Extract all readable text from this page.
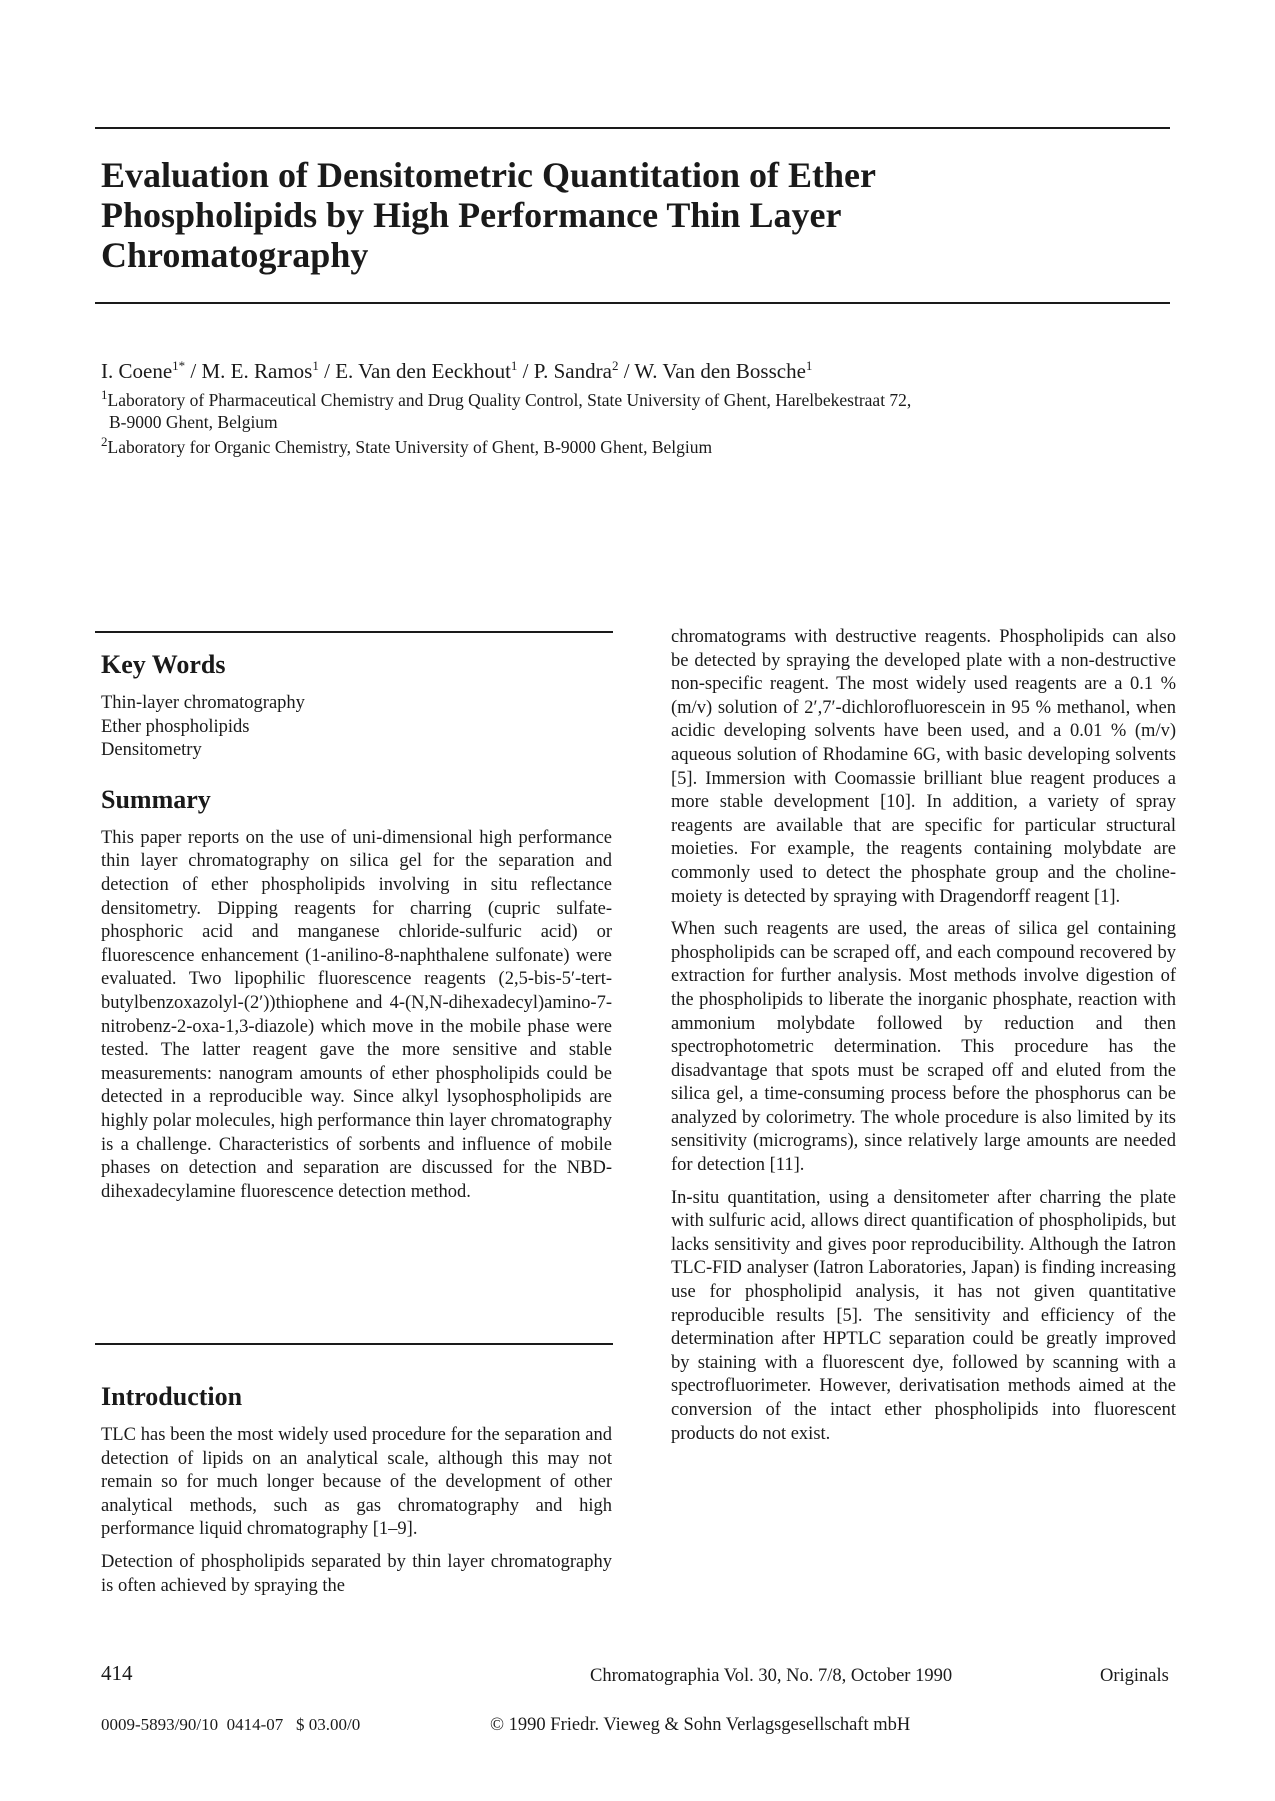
Evaluation of Densitometric Quantitation of Ether
Phospholipids by High Performance Thin Layer
Chromatography
I. Coene$^{1*}$ / M. E. Ramos$^1$ / E. Van den Eeckhout$^1$ / P. Sandra$^2$ / W. Van den Bossche$^1$
$^1$Laboratory of Pharmaceutical Chemistry and Drug Quality Control, State University of Ghent, Harelbekestraat 72,
B-9000 Ghent, Belgium
$^2$Laboratory for Organic Chemistry, State University of Ghent, B-9000 Ghent, Belgium
Key Words
Thin-layer chromatography
Ether phospholipids
Densitometry
Summary

This paper reports on the use of uni-dimensional high performance thin layer chromatography on silica gel for the separation and detection of ether phospholipids involving in situ reflectance densitometry. Dipping reagents for charring (cupric sulfate-phosphoric acid and manganese chloride-sulfuric acid) or fluorescence enhancement (1-anilino-8-naphthalene sulfonate) were evaluated. Two lipophilic fluorescence reagents (2,5-bis-5′-tert-butylbenzoxazolyl-(2′))thiophene and 4-(N,N-dihexadecyl)amino-7-nitrobenz-2-oxa-1,3-diazole) which move in the mobile phase were tested. The latter reagent gave the more sensitive and stable measurements: nanogram amounts of ether phospholipids could be detected in a reproducible way. Since alkyl lysophospholipids are highly polar molecules, high performance thin layer chromatography is a challenge. Characteristics of sorbents and influence of mobile phases on detection and separation are discussed for the NBD-dihexadecylamine fluorescence detection method.

Introduction

TLC has been the most widely used procedure for the separation and detection of lipids on an analytical scale, although this may not remain so for much longer because of the development of other analytical methods, such as gas chromatography and high performance liquid chromatography [1–9].

Detection of phospholipids separated by thin layer chromatography is often achieved by spraying the

chromatograms with destructive reagents. Phospholipids can also be detected by spraying the developed plate with a non-destructive non-specific reagent. The most widely used reagents are a 0.1 % (m/v) solution of 2′,7′-dichlorofluorescein in 95 % methanol, when acidic developing solvents have been used, and a 0.01 % (m/v) aqueous solution of Rhodamine 6G, with basic developing solvents [5]. Immersion with Coomassie brilliant blue reagent produces a more stable development [10]. In addition, a variety of spray reagents are available that are specific for particular structural moieties. For example, the reagents containing molybdate are commonly used to detect the phosphate group and the choline-moiety is detected by spraying with Dragendorff reagent [1].

When such reagents are used, the areas of silica gel containing phospholipids can be scraped off, and each compound recovered by extraction for further analysis. Most methods involve digestion of the phospholipids to liberate the inorganic phosphate, reaction with ammonium molybdate followed by reduction and then spectrophotometric determination. This procedure has the disadvantage that spots must be scraped off and eluted from the silica gel, a time-consuming process before the phosphorus can be analyzed by colorimetry. The whole procedure is also limited by its sensitivity (micrograms), since relatively large amounts are needed for detection [11].

In-situ quantitation, using a densitometer after charring the plate with sulfuric acid, allows direct quantification of phospholipids, but lacks sensitivity and gives poor reproducibility. Although the Iatron TLC-FID analyser (Iatron Laboratories, Japan) is finding increasing use for phospholipid analysis, it has not given quantitative reproducible results [5]. The sensitivity and efficiency of the determination after HPTLC separation could be greatly improved by staining with a fluorescent dye, followed by scanning with a spectrofluorimeter. However, derivatisation methods aimed at the conversion of the intact ether phospholipids into fluorescent products do not exist.

414	Chromatographia Vol. 30, No. 7/8, October 1990	Originals
0009-5893/90/10  0414-07   $ 03.00/0	© 1990 Friedr. Vieweg & Sohn Verlagsgesellschaft mbH
